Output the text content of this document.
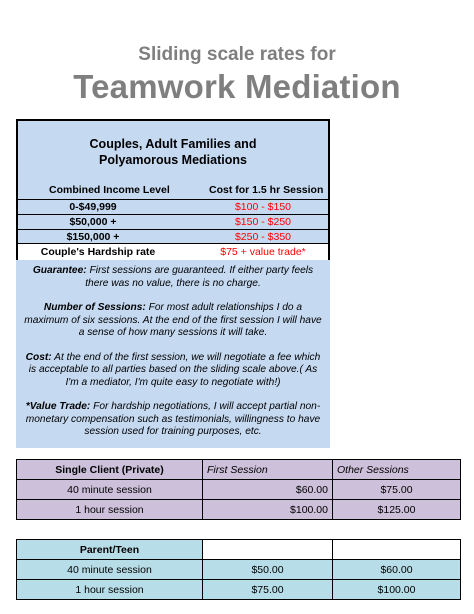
Sliding scale rates for
Teamwork Mediation
Couples, Adult Families and
Polyamorous Mediations
Combined Income Level	Cost for 1.5 hr Session
0-$49,999	$100 - $150
$50,000 +	$150 - $250
$150,000 +	$250 - $350
Couple's Hardship rate	$75 + value trade*

Guarantee: First sessions are guaranteed. If either party feels there was no value, there is no charge.

Number of Sessions: For most adult relationships I do a maximum of six sessions. At the end of the first session I will have a sense of how many sessions it will take.

Cost: At the end of the first session, we will negotiate a fee which is acceptable to all parties based on the sliding scale above.( As I'm a mediator, I'm quite easy to negotiate with!)

*Value Trade: For hardship negotiations, I will accept partial non-monetary compensation such as testimonials, willingness to have session used for training purposes, etc.

Single Client (Private)	First Session	Other Sessions
40 minute session	$60.00	$75.00
1 hour session	$100.00	$125.00
Parent/Teen		
40 minute session	$50.00	$60.00
1 hour session	$75.00	$100.00
